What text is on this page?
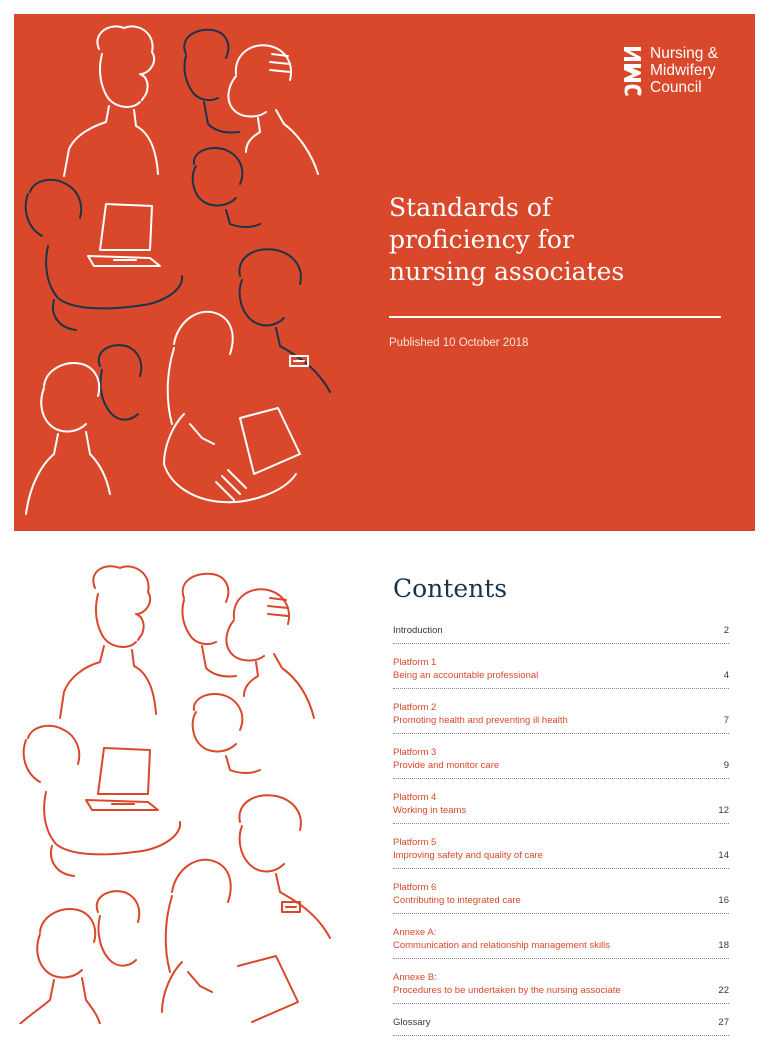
Nursing &
Midwifery
Council
Standards of
proficiency for
nursing associates
Published 10 October 2018
Contents
Introduction	2
Platform 1
Being an accountable professional	4
Platform 2
Promoting health and preventing ill health	7
Platform 3
Provide and monitor care	9
Platform 4
Working in teams	12
Platform 5
Improving safety and quality of care	14
Platform 6
Contributing to integrated care	16
Annexe A:
Communication and relationship management skills	18
Annexe B:
Procedures to be undertaken by the nursing associate	22
Glossary	27
